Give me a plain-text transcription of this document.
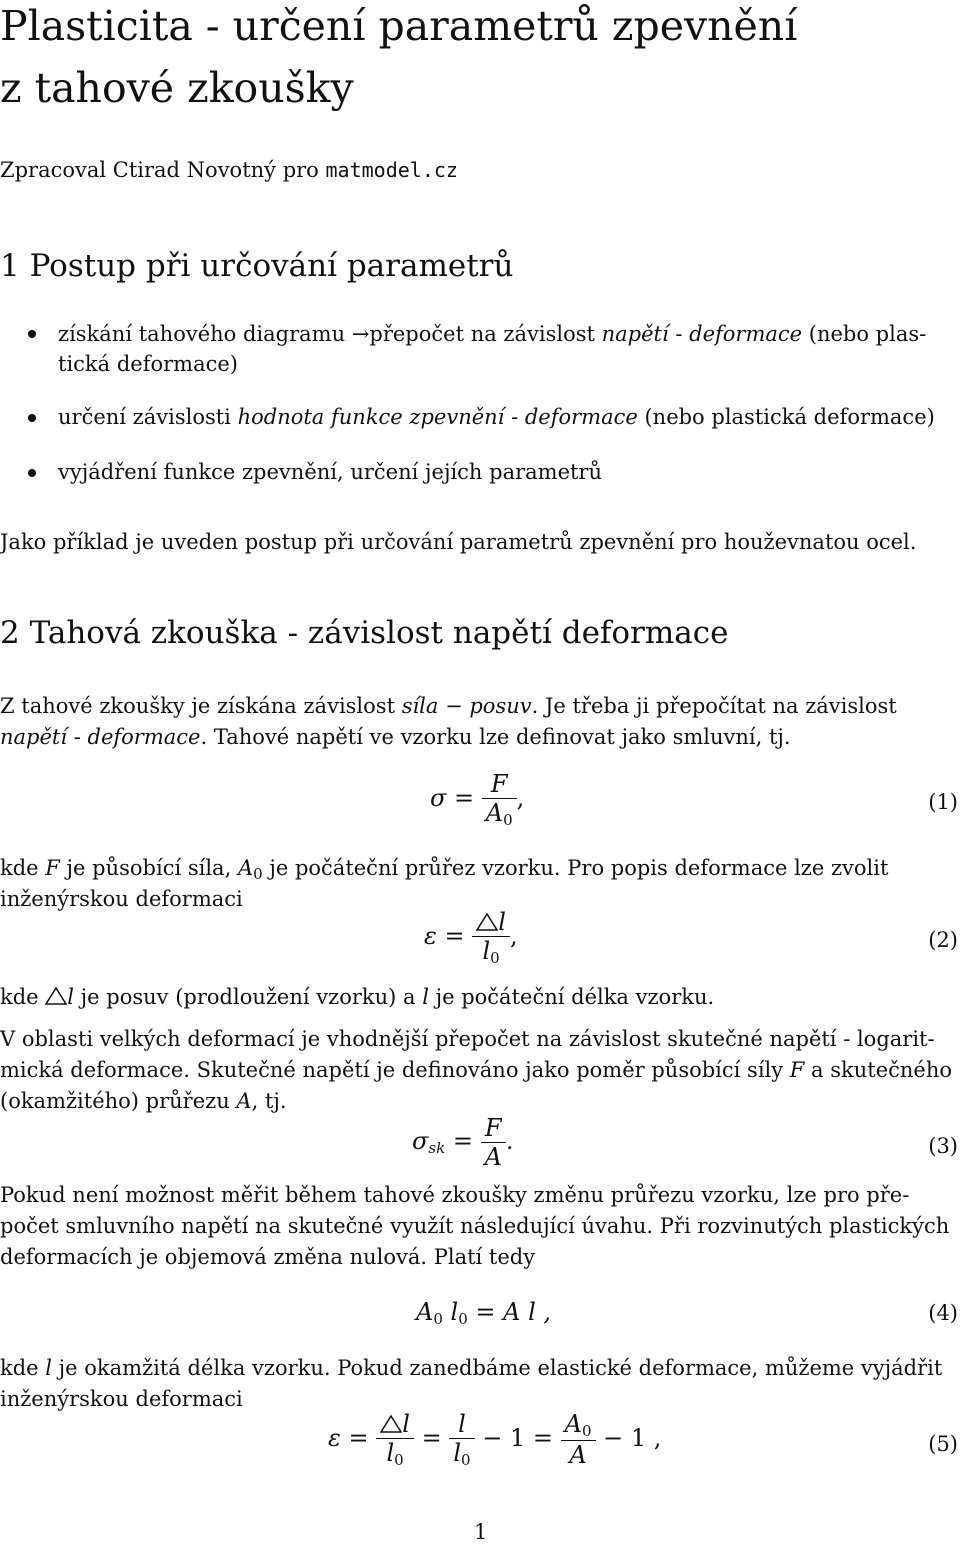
Plasticita - určení parametrů zpevnění
z tahové zkoušky
Zpracoval Ctirad Novotný pro matmodel.cz
1 Postup při určování parametrů
získání tahového diagramu →přepočet na závislost napětí - deformace (nebo plas-
tická deformace)
určení závislosti hodnota funkce zpevnění - deformace (nebo plastická deformace)
vyjádření funkce zpevnění, určení jejích parametrů
Jako příklad je uveden postup při určování parametrů zpevnění pro houževnatou ocel.
2 Tahová zkouška - závislost napětí deformace
Z tahové zkoušky je získána závislost síla − posuv. Je třeba ji přepočítat na závislost
napětí - deformace. Tahové napětí ve vzorku lze definovat jako smluvní, tj.
$\sigma = \frac{F}{A_0}$ ,	(1)
kde F je působící síla, $A_0$ je počáteční průřez vzorku. Pro popis deformace lze zvolit
inženýrskou deformaci
$\varepsilon = \frac{l}{l_0}$ ,	(2)
kde
l je posuv (prodloužení vzorku) a l je počáteční délka vzorku.
V oblasti velkých deformací je vhodnější přepočet na závislost skutečné napětí - logarit-
mická deformace. Skutečné napětí je definováno jako poměr působící síly F a skutečného
(okamžitého) průřezu A, tj.
$\sigma_{sk} = \frac{F}{A}$ .	(3)
Pokud není možnost měřit během tahové zkoušky změnu průřezu vzorku, lze pro pře-
počet smluvního napětí na skutečné využít následující úvahu. Při rozvinutých plastických
deformacích je objemová změna nulová. Platí tedy
$A_0$ $l_0 = A$ l ,	(4)
kde l je okamžitá délka vzorku. Pokud zanedbáme elastické deformace, můžeme vyjádřit
inženýrskou deformaci
$\varepsilon = \frac{l}{l_0} = \frac{l}{l_0} - 1 = \frac{A_0}{A} - 1$ ,	(5)
1
